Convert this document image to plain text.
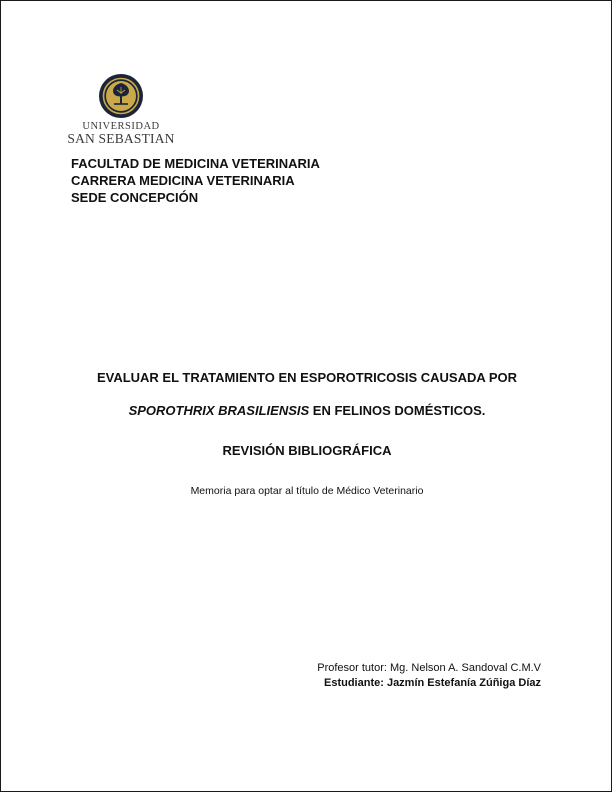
UNIVERSIDAD
SAN SEBASTIAN
FACULTAD DE MEDICINA VETERINARIA
CARRERA MEDICINA VETERINARIA
SEDE CONCEPCIÓN
EVALUAR EL TRATAMIENTO EN ESPOROTRICOSIS CAUSADA POR
SPOROTHRIX BRASILIENSIS EN FELINOS DOMÉSTICOS.
REVISIÓN BIBLIOGRÁFICA
Memoria para optar al título de Médico Veterinario
Profesor tutor: Mg. Nelson A. Sandoval C.M.V
Estudiante: Jazmín Estefanía Zúñiga Díaz
